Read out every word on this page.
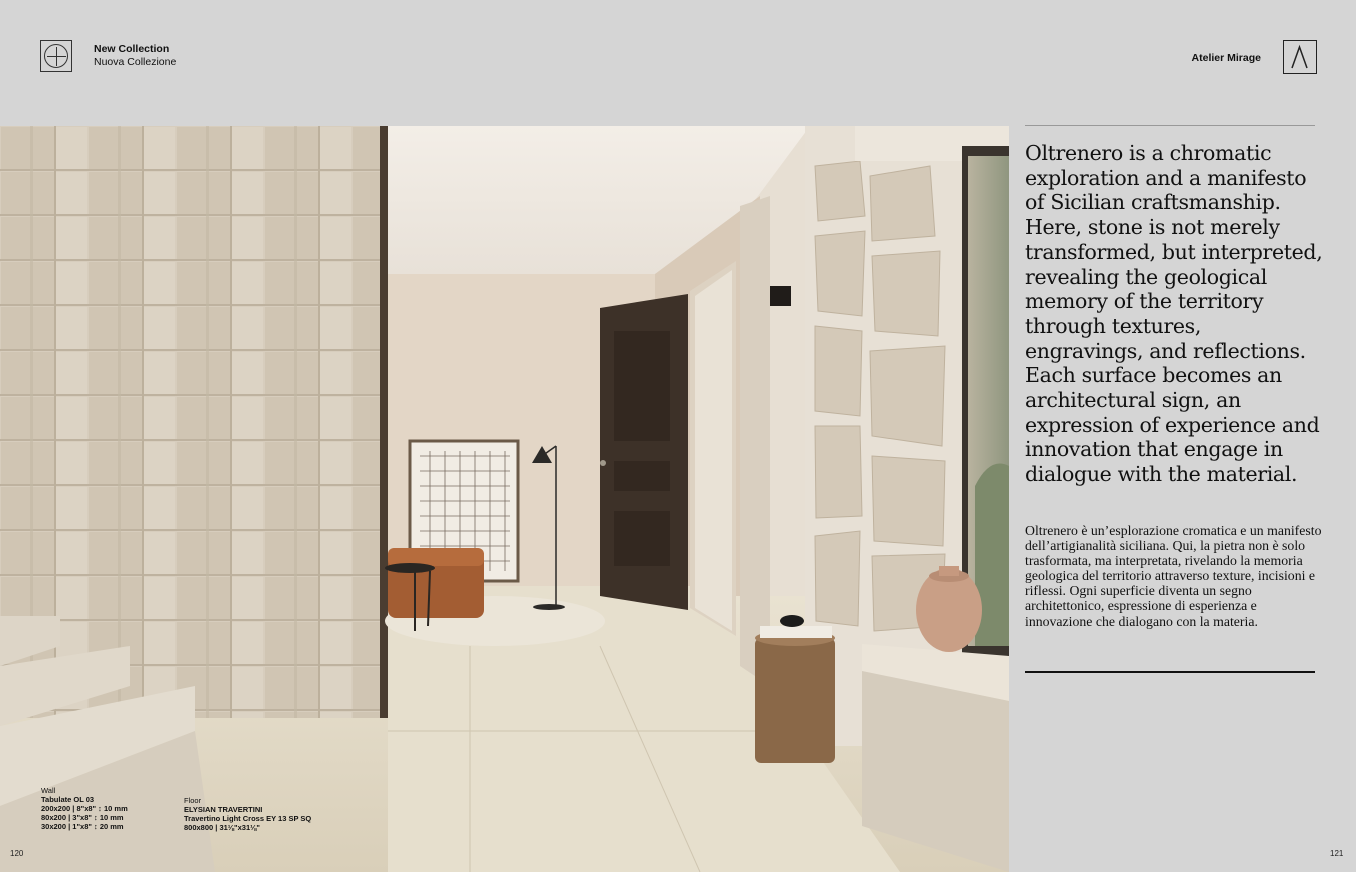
New Collection
Nuova Collezione	Atelier Mirage
Wall
Tabulate OL 03
200x200 | 8"x8" ↕ 10 mm
80x200 | 3"x8" ↕ 10 mm
30x200 | 1"x8" ↕ 20 mm
Floor
ELYSIAN TRAVERTINI
Travertino Light Cross EY 13 SP SQ
800x800 | 31⅛"x31⅛"
120	121
Oltrenero is a chromatic exploration and a manifesto of Sicilian craftsmanship. Here, stone is not merely transformed, but interpreted, revealing the geological memory of the territory through textures, engravings, and reflections. Each surface becomes an architectural sign, an expression of experience and innovation that engage in dialogue with the material.
Oltrenero è un’esplorazione cromatica e un manifesto dell’artigianalità siciliana. Qui, la pietra non è solo trasformata, ma interpretata, rivelando la memoria geologica del territorio attraverso texture, incisioni e riflessi. Ogni superficie diventa un segno architettonico, espressione di esperienza e innovazione che dialogano con la materia.
